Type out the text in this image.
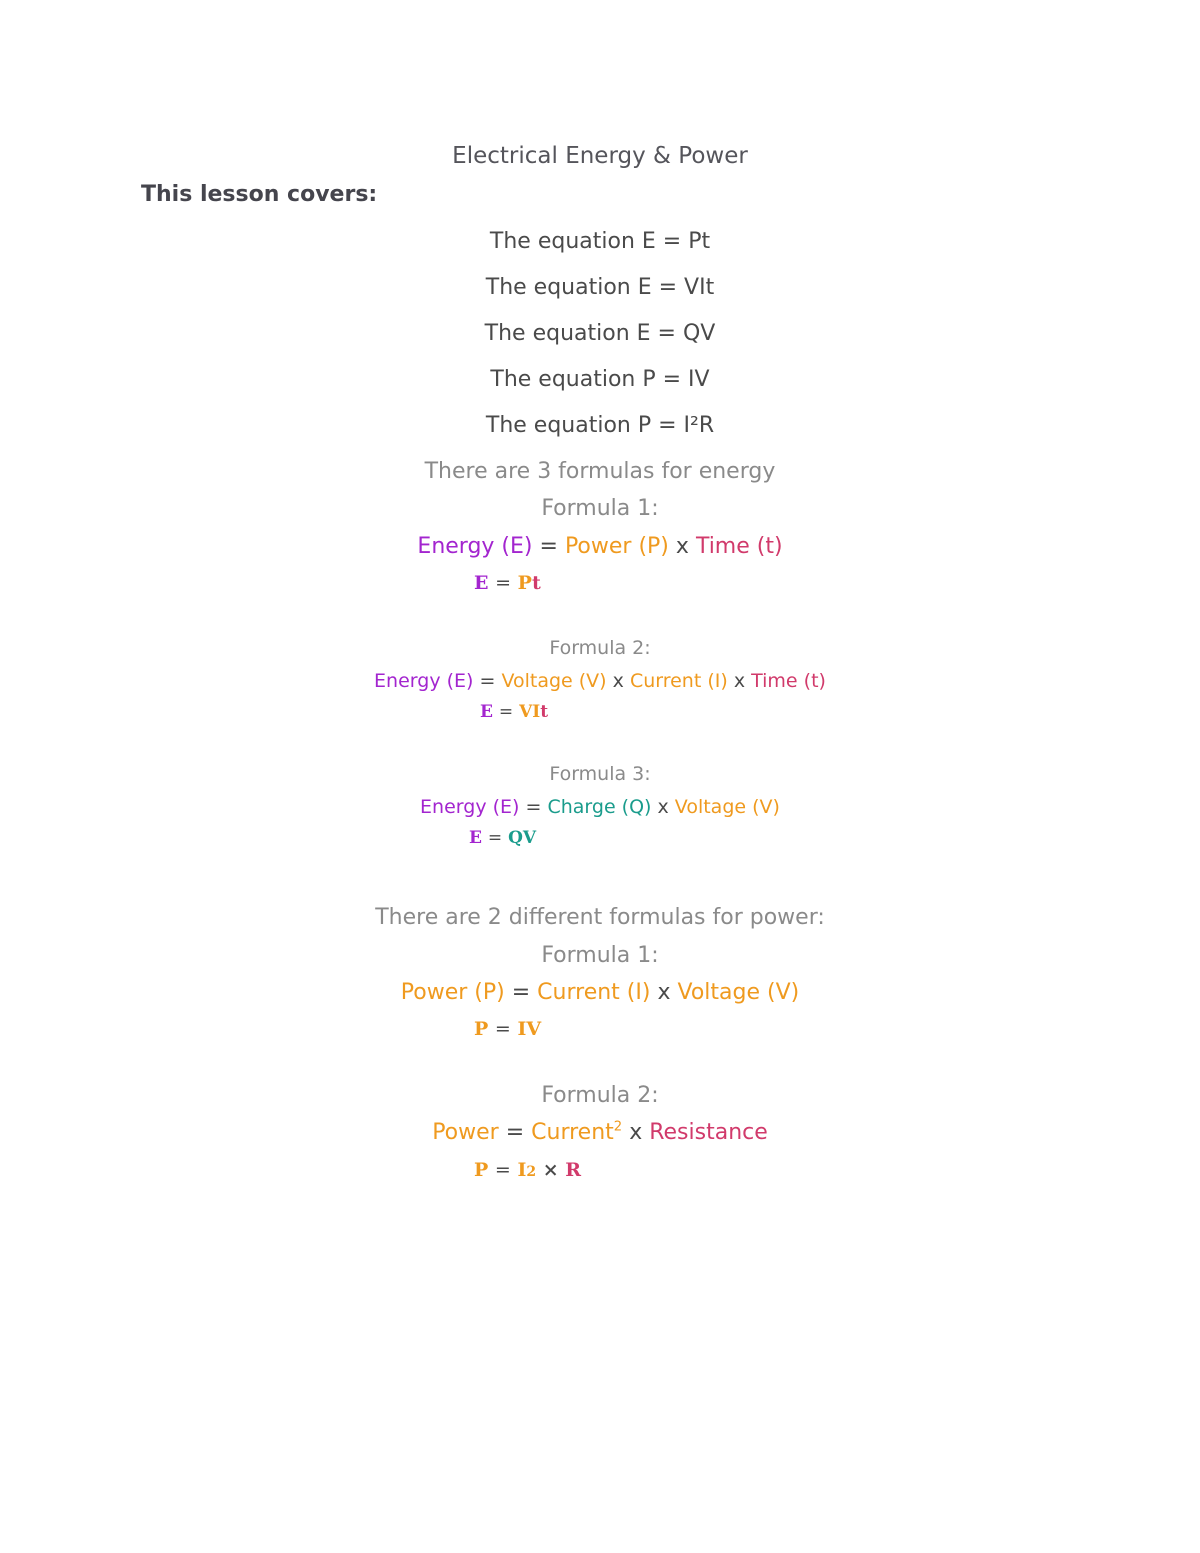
Electrical Energy & Power
This lesson covers:
The equation E = Pt
The equation E = VIt
The equation E = QV
The equation P = IV
The equation P = I²R
There are 3 formulas for energy
Formula 1:
Energy (E) = Power (P) x Time (t)
E = Pt
Formula 2:
Energy (E) = Voltage (V) x Current (I) x Time (t)
E = VIt
Formula 3:
Energy (E) = Charge (Q) x Voltage (V)
E = QV
There are 2 different formulas for power:
Formula 1:
Power (P) = Current (I) x Voltage (V)
P = IV
Formula 2:
Power = Current$^2$ x Resistance
P = I2 × R
